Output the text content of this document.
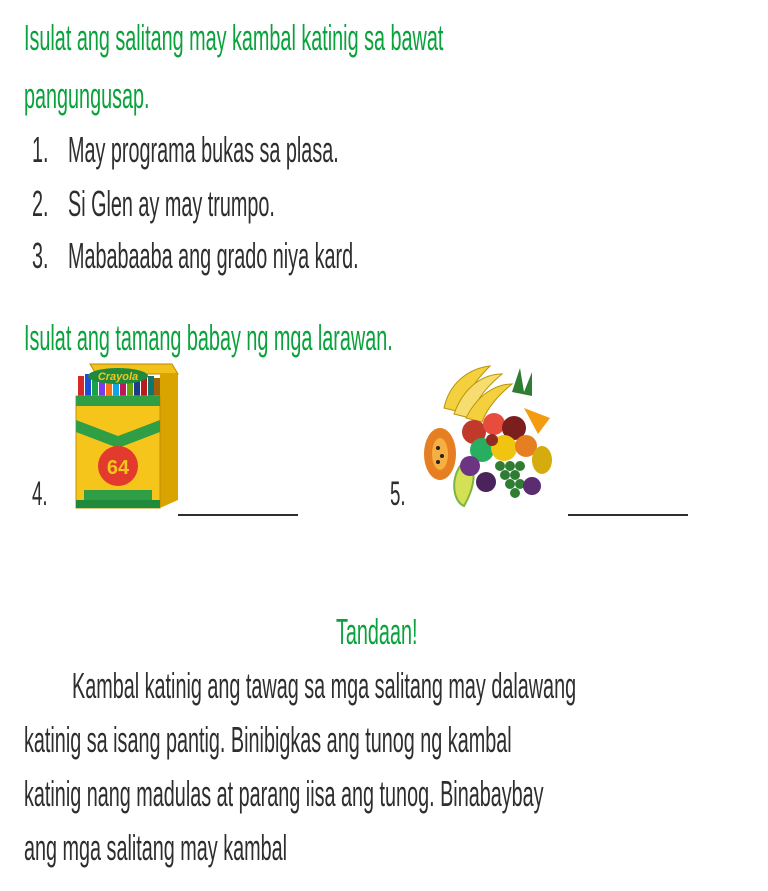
Isulat ang salitang may kambal katinig sa bawat
pangungusap.
1. May programa bukas sa plasa.
2. Si Glen ay may trumpo.
3. Mababaaba ang grado niya kard.
Isulat ang tamang babay ng mga larawan.
4.
Crayola
64
5.
Tandaan!
Kambal katinig ang tawag sa mga salitang may dalawang
katinig sa isang pantig. Binibigkas ang tunog ng kambal
katinig nang madulas at parang iisa ang tunog. Binabaybay
ang mga salitang may kambal
